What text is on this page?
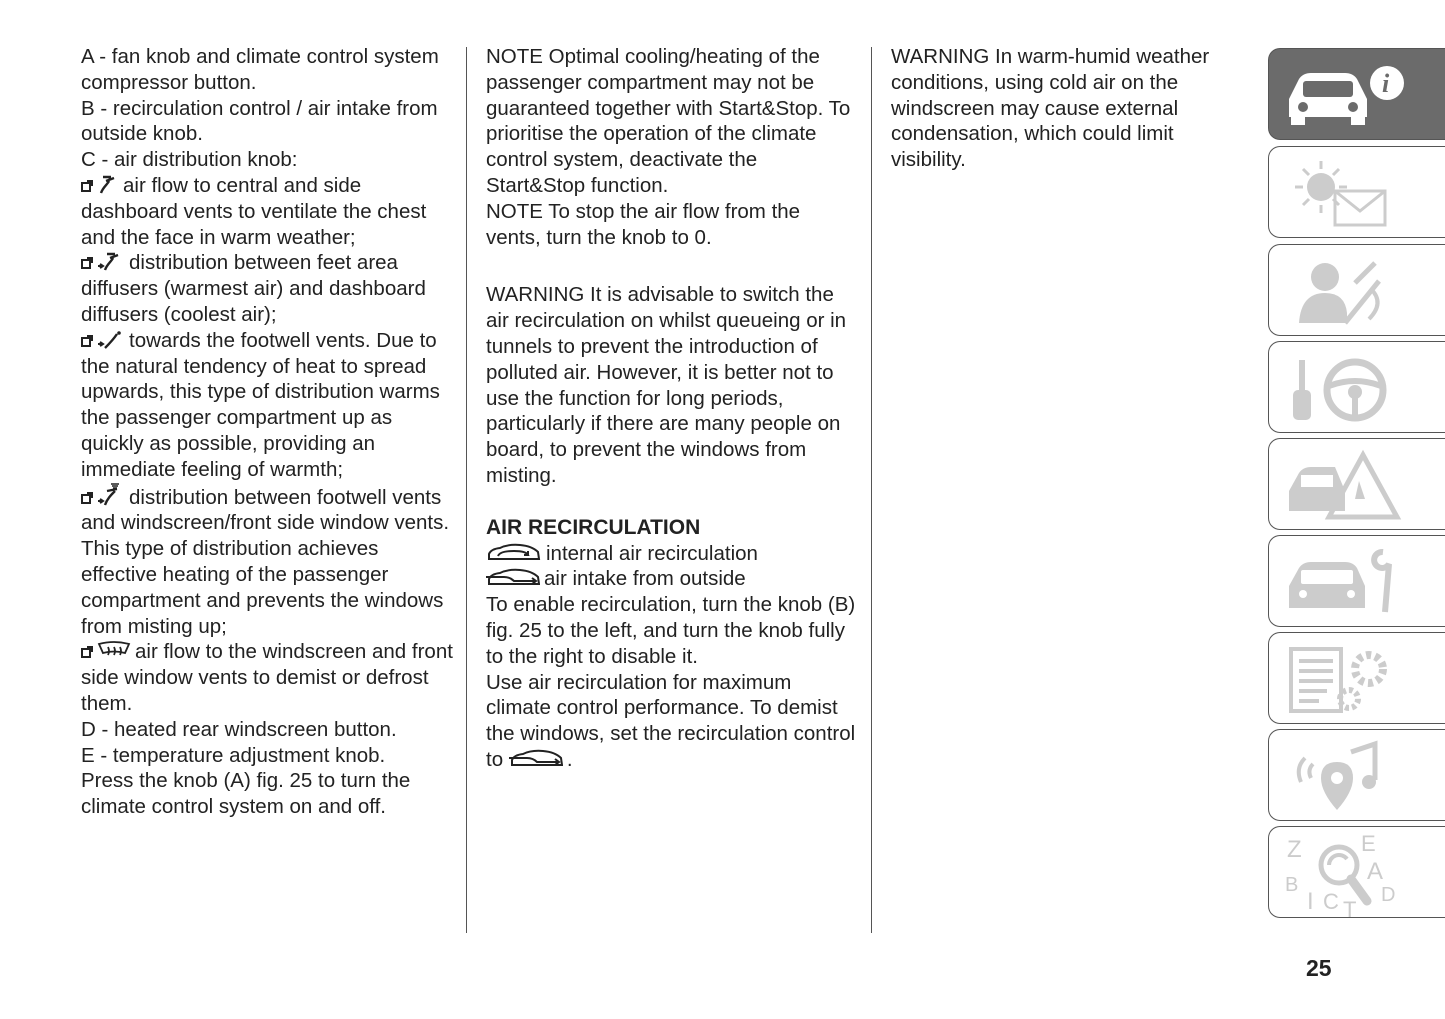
A - fan knob and climate control system compressor button.

B - recirculation control / air intake from outside knob.

C - air distribution knob:

air flow to central and side dashboard vents to ventilate the chest and the face in warm weather;

distribution between feet area diffusers (warmest air) and dashboard diffusers (coolest air);

towards the footwell vents. Due to the natural tendency of heat to spread upwards, this type of distribution warms the passenger compartment up as quickly as possible, providing an immediate feeling of warmth;

distribution between footwell vents and windscreen/front side window vents. This type of distribution achieves effective heating of the passenger compartment and prevents the windows from misting up;

air flow to the windscreen and front side window vents to demist or defrost them.

D - heated rear windscreen button.

E - temperature adjustment knob.

Press the knob (A) fig. 25 to turn the climate control system on and off.

NOTE Optimal cooling/heating of the passenger compartment may not be guaranteed together with Start&Stop. To prioritise the operation of the climate control system, deactivate the Start&Stop function.

NOTE To stop the air flow from the vents, turn the knob to 0.

WARNING It is advisable to switch the air recirculation on whilst queueing or in tunnels to prevent the introduction of polluted air. However, it is better not to use the function for long periods, particularly if there are many people on board, to prevent the windows from misting.

AIR RECIRCULATION

internal air recirculation

air intake from outside

To enable recirculation, turn the knob (B) fig. 25 to the left, and turn the knob fully to the right to disable it.

Use air recirculation for maximum climate control performance. To demist the windows, set the recirculation control to	.

WARNING In warm-humid weather conditions, using cold air on the windscreen may cause external condensation, which could limit visibility.

i
Z	E
A
D
B
I C T
25
